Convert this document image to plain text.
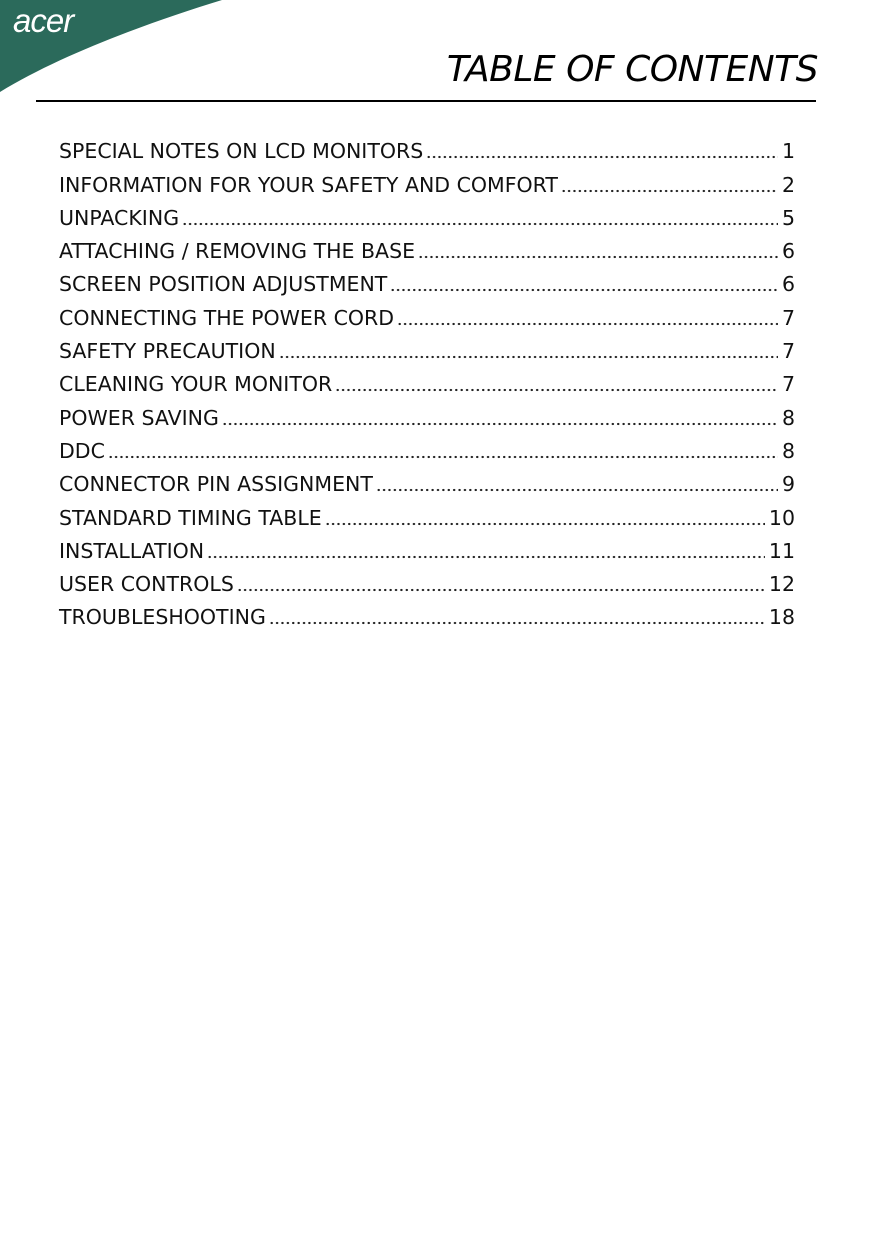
acer
TABLE OF CONTENTS
SPECIAL NOTES ON LCD MONITORS	1
INFORMATION FOR YOUR SAFETY AND COMFORT	2
UNPACKING	5
ATTACHING / REMOVING THE BASE	6
SCREEN POSITION ADJUSTMENT	6
CONNECTING THE POWER CORD	7
SAFETY PRECAUTION	7
CLEANING YOUR MONITOR	7
POWER SAVING	8
DDC	8
CONNECTOR PIN ASSIGNMENT	9
STANDARD TIMING TABLE	10
INSTALLATION	11
USER CONTROLS	12
TROUBLESHOOTING	18
